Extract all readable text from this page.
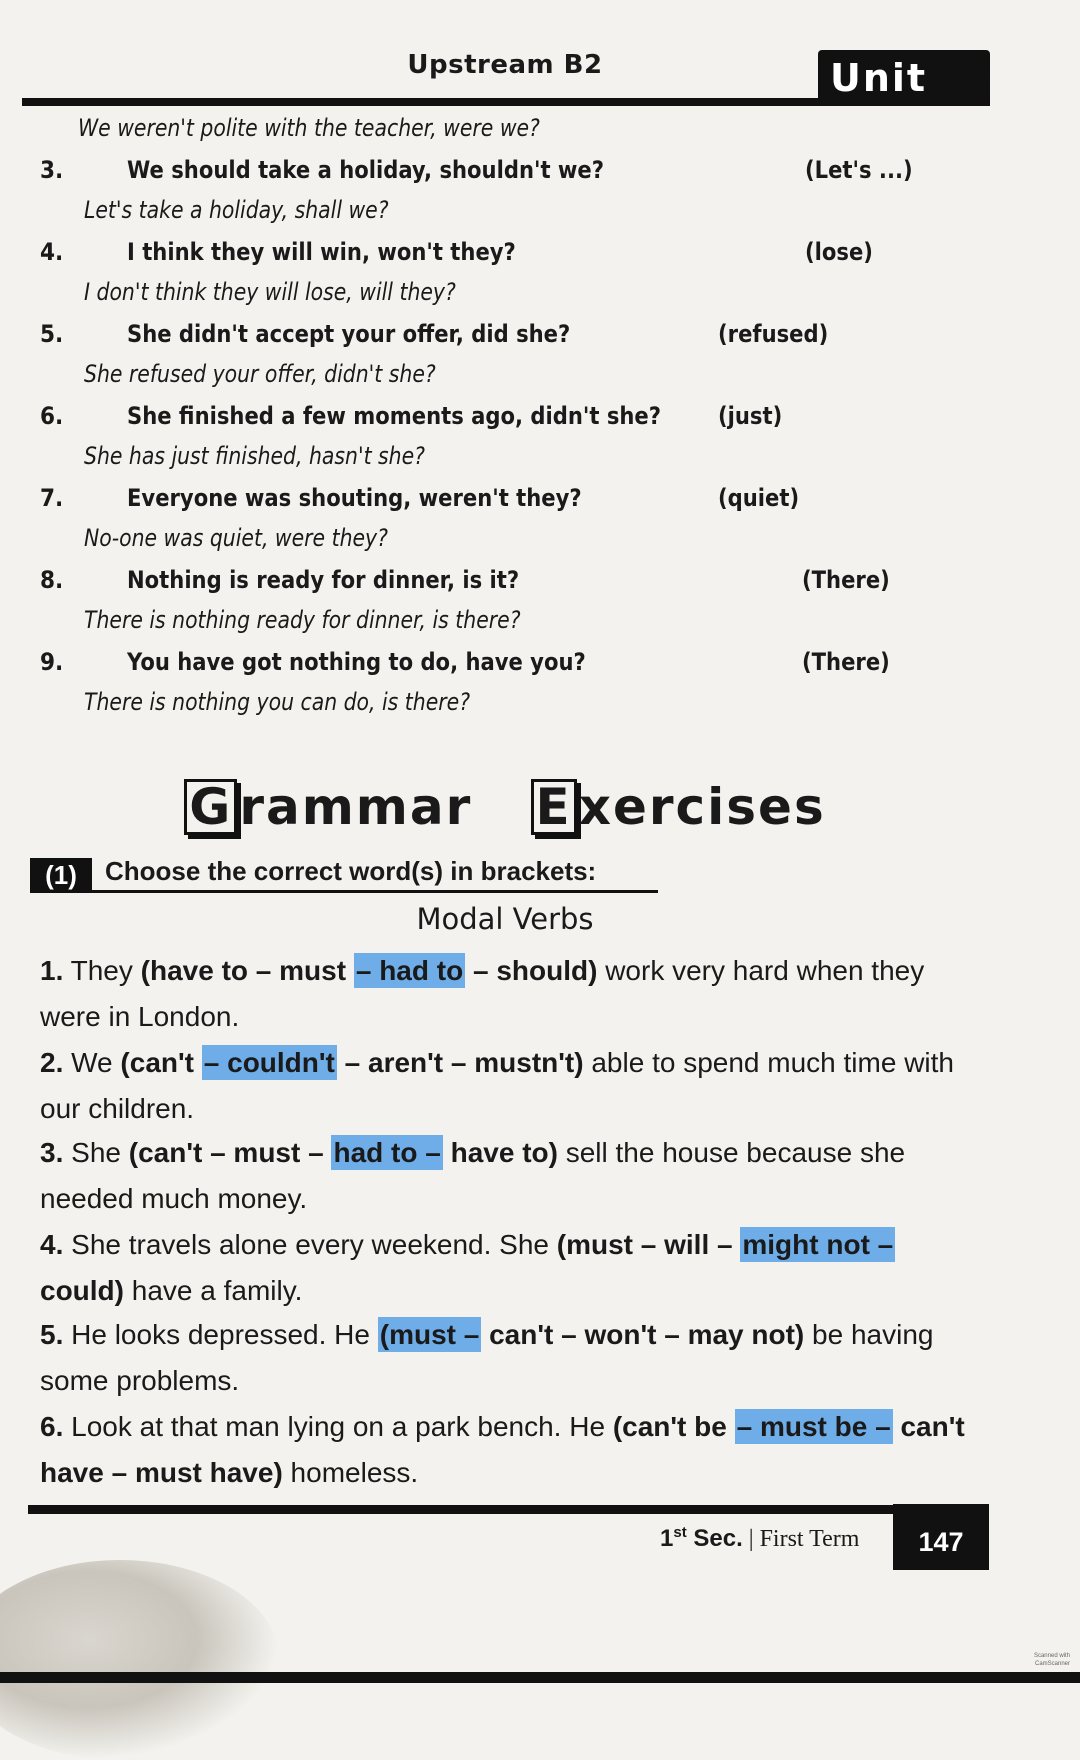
Upstream B2	Unit 5
We weren't polite with the teacher, were we?
3.	We should take a holiday, shouldn't we?	(Let's ...)
Let's take a holiday, shall we?
4.	I think they will win, won't they?	(lose)
I don't think they will lose, will they?
5.	She didn't accept your offer, did she?	(refused)
She refused your offer, didn't she?
6.	She finished a few moments ago, didn't she? (just)
She has just finished, hasn't she?
7.	Everyone was shouting, weren't they?	(quiet)
No-one was quiet, were they?
8.	Nothing is ready for dinner, is it?	(There)
There is nothing ready for dinner, is there?
9.	You have got nothing to do, have you?	(There)
There is nothing you can do, is there?
G rammar E xercises
(1)	Choose the correct word(s) in brackets:
Modal Verbs
1. They (have to – must – had to – should) work very hard when they were in London.
2. We (can't – couldn't – aren't – mustn't) able to spend much time with our children.
3. She (can't – must – had to – have to) sell the house because she needed much money.
4. She travels alone every weekend. She (must – will – might not – could) have a family.
5. He looks depressed. He (must – can't – won't – may not) be having some problems.
6. Look at that man lying on a park bench. He (can't be – must be – can't have – must have) homeless.
1st Sec. | First Term	147
Scanned with CamScanner
